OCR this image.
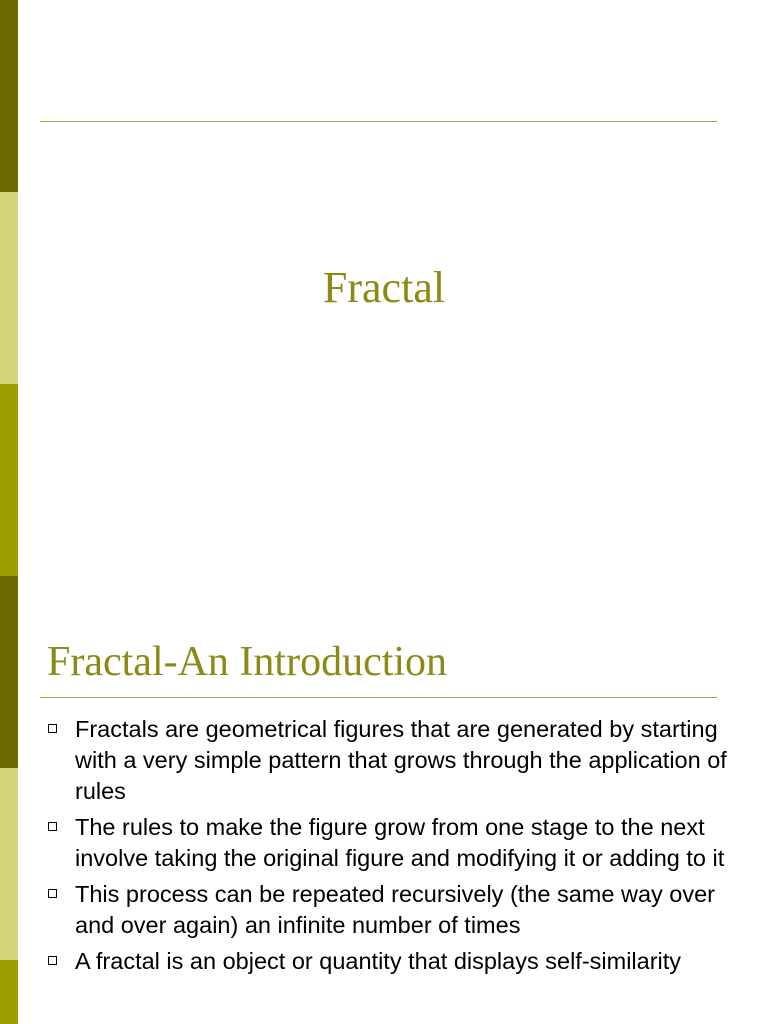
Fractal
Fractal-An Introduction
Fractals are geometrical figures that are generated by starting with a very simple pattern that grows through the application of rules
The rules to make the figure grow from one stage to the next involve taking the original figure and modifying it or adding to it
This process can be repeated recursively (the same way over and over again) an infinite number of times
A fractal is an object or quantity that displays self-similarity
